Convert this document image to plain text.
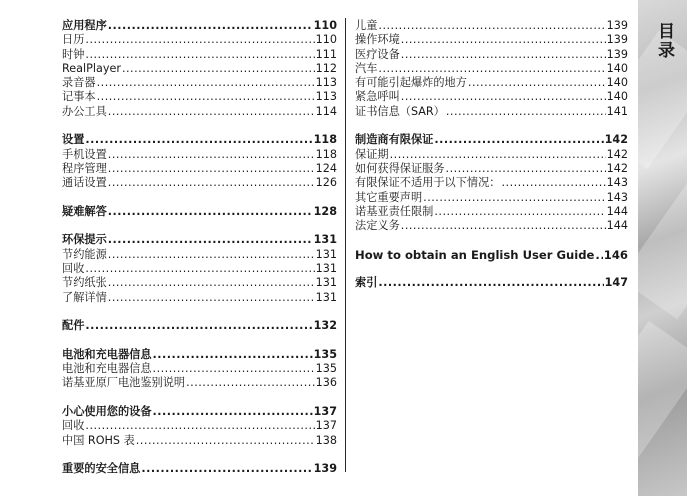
应用程序 .....	110
日历 .....	110
时钟 .....	111
RealPlayer .....	112
录音器 .....	113
记事本 .....	113
办公工具 .....	114
设置 .....	118
手机设置 .....	118
程序管理 .....	124
通话设置 .....	126
疑难解答 .....	128
环保提示 .....	131
节约能源 .....	131
回收 .....	131
节约纸张 .....	131
了解详情 .....	131
配件 .....	132
电池和充电器信息 .....	135
电池和充电器信息 .....	135
诺基亚原厂电池鉴别说明 .....	136
小心使用您的设备 .....	137
回收 .....	137
中国 ROHS 表 .....	138
重要的安全信息 .....	139
儿童 .....	139
操作环境 .....	139
医疗设备 .....	139
汽车 .....	140
有可能引起爆炸的地方 .....	140
紧急呼叫 .....	140
证书信息（SAR） .....	141
制造商有限保证 .....	142
保证期 .....	142
如何获得保证服务 .....	142
有限保证不适用于以下情况： .....	143
其它重要声明 .....	143
诺基亚责任限制 .....	144
法定义务 .....	144
How to obtain an English User Guide ..... 146
索引 .....	147
目录
